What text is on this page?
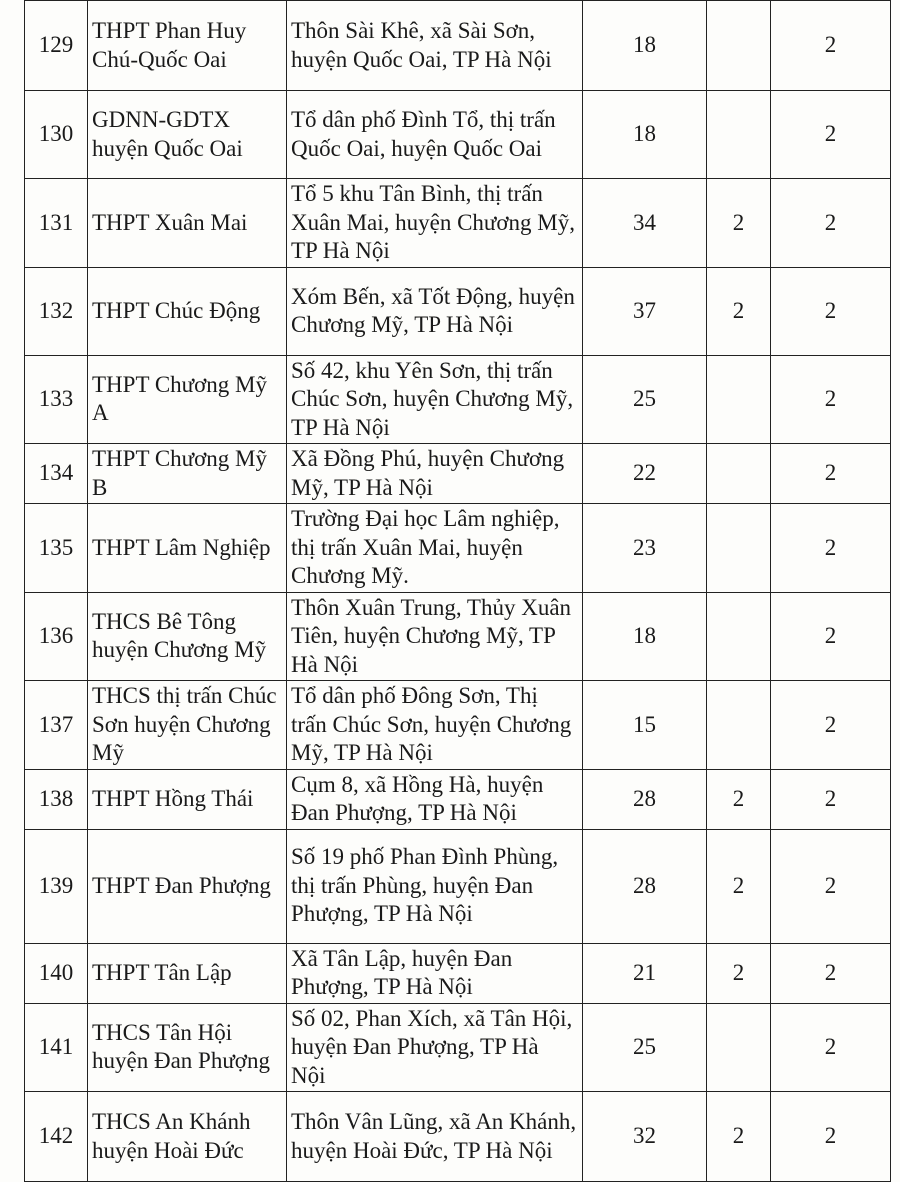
129	THPT Phan Huy Chú-Quốc Oai	Thôn Sài Khê, xã Sài Sơn, huyện Quốc Oai, TP Hà Nội	18		2
130	GDNN-GDTX huyện Quốc Oai	Tổ dân phố Đình Tổ, thị trấn Quốc Oai, huyện Quốc Oai	18		2
131	THPT Xuân Mai	Tổ 5 khu Tân Bình, thị trấn Xuân Mai, huyện Chương Mỹ, TP Hà Nội	34	2	2
132	THPT Chúc Động	Xóm Bến, xã Tốt Động, huyện Chương Mỹ, TP Hà Nội	37	2	2
133	THPT Chương Mỹ A	Số 42, khu Yên Sơn, thị trấn Chúc Sơn, huyện Chương Mỹ, TP Hà Nội	25		2
134	THPT Chương Mỹ B	Xã Đồng Phú, huyện Chương Mỹ, TP Hà Nội	22		2
135	THPT Lâm Nghiệp	Trường Đại học Lâm nghiệp, thị trấn Xuân Mai, huyện Chương Mỹ.	23		2
136	THCS Bê Tông huyện Chương Mỹ	Thôn Xuân Trung, Thủy Xuân Tiên, huyện Chương Mỹ, TP Hà Nội	18		2
137	THCS thị trấn Chúc Sơn huyện Chương Mỹ	Tổ dân phố Đông Sơn, Thị trấn Chúc Sơn, huyện Chương Mỹ, TP Hà Nội	15		2
138	THPT Hồng Thái	Cụm 8, xã Hồng Hà, huyện Đan Phượng, TP Hà Nội	28	2	2
139	THPT Đan Phượng	Số 19 phố Phan Đình Phùng, thị trấn Phùng, huyện Đan Phượng, TP Hà Nội	28	2	2
140	THPT Tân Lập	Xã Tân Lập, huyện Đan Phượng, TP Hà Nội	21	2	2
141	THCS Tân Hội huyện Đan Phượng	Số 02, Phan Xích, xã Tân Hội, huyện Đan Phượng, TP Hà Nội	25		2
142	THCS An Khánh huyện Hoài Đức	Thôn Vân Lũng, xã An Khánh, huyện Hoài Đức, TP Hà Nội	32	2	2
